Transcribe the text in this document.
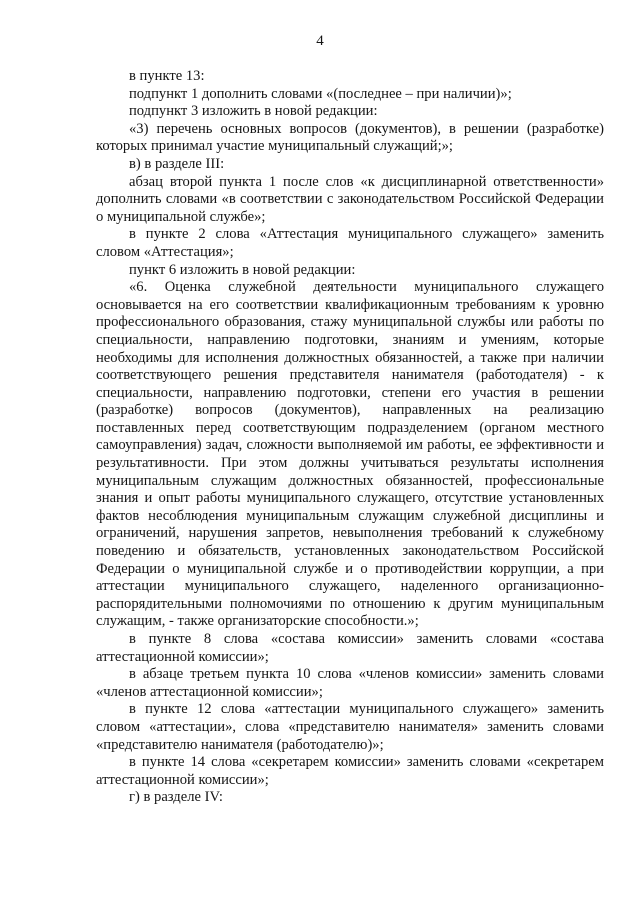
4

в пункте 13:

подпункт 1 дополнить словами «(последнее – при наличии)»;

подпункт 3 изложить в новой редакции:

«3) перечень основных вопросов (документов), в решении (разработке) которых принимал участие муниципальный служащий;»;

в) в разделе III:

абзац второй пункта 1 после слов «к дисциплинарной ответственности» дополнить словами «в соответствии с законодательством Российской Федерации о муниципальной службе»;

в пункте 2 слова «Аттестация муниципального служащего» заменить словом «Аттестация»;

пункт 6 изложить в новой редакции:

«6. Оценка служебной деятельности муниципального служащего основывается на его соответствии квалификационным требованиям к уровню профессионального образования, стажу муниципальной службы или работы по специальности, направлению подготовки, знаниям и умениям, которые необходимы для исполнения должностных обязанностей, а также при наличии соответствующего решения представителя нанимателя (работодателя) - к специальности, направлению подготовки, степени его участия в решении (разработке) вопросов (документов), направленных на реализацию поставленных перед соответствующим подразделением (органом местного самоуправления) задач, сложности выполняемой им работы, ее эффективности и результативности. При этом должны учитываться результаты исполнения муниципальным служащим должностных обязанностей, профессиональные знания и опыт работы муниципального служащего, отсутствие установленных фактов несоблюдения муниципальным служащим служебной дисциплины и ограничений, нарушения запретов, невыполнения требований к служебному поведению и обязательств, установленных законодательством Российской Федерации о муниципальной службе и о противодействии коррупции, а при аттестации муниципального служащего, наделенного организационно-распорядительными полномочиями по отношению к другим муниципальным служащим, - также организаторские способности.»;

в пункте 8 слова «состава комиссии» заменить словами «состава аттестационной комиссии»;

в абзаце третьем пункта 10 слова «членов комиссии» заменить словами «членов аттестационной комиссии»;

в пункте 12 слова «аттестации муниципального служащего» заменить словом «аттестации», слова «представителю нанимателя» заменить словами «представителю нанимателя (работодателю)»;

в пункте 14 слова «секретарем комиссии» заменить словами «секретарем аттестационной комиссии»;

г) в разделе IV:
